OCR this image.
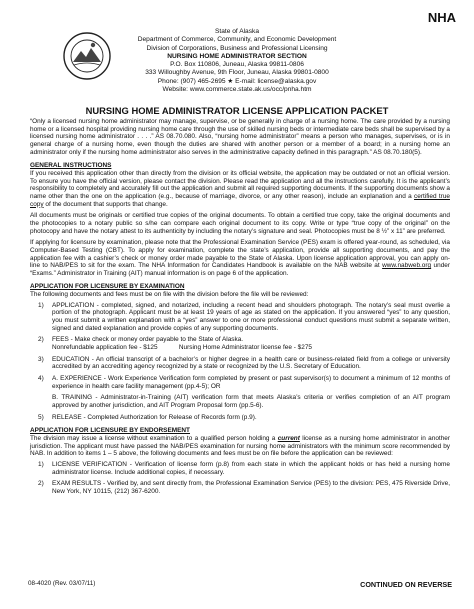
NHA
State of Alaska
Department of Commerce, Community, and Economic Development
Division of Corporations, Business and Professional Licensing
NURSING HOME ADMINISTRATOR SECTION
P.O. Box 110806, Juneau, Alaska 99811-0806
333 Willoughby Avenue, 9th Floor, Juneau, Alaska 99801-0800
Phone: (907) 465-2695 ★ E-mail: license@alaska.gov
Website: www.commerce.state.ak.us/occ/pnha.htm
NURSING HOME ADMINISTRATOR LICENSE APPLICATION PACKET

“Only a licensed nursing home administrator may manage, supervise, or be generally in charge of a nursing home. The care provided by a nursing home or a licensed hospital providing nursing home care through the use of skilled nursing beds or intermediate care beds shall be supervised by a licensed nursing home administrator . . . .” AS 08.70.080. Also, “nursing home administrator” means a person who manages, supervises, or is in general charge of a nursing home, even though the duties are shared with another person or a member of a board; in a nursing home an administrator only if the nursing home administrator also serves in the administrative capacity defined in this paragraph.” AS 08.70.180(5).

GENERAL INSTRUCTIONS

If you received this application other than directly from the division or its official website, the application may be outdated or not an official version. To ensure you have the official version, please contact the division. Please read the application and all the instructions carefully. It is the applicant’s responsibility to completely and accurately fill out the application and submit all required supporting documents. If the supporting documents show a name other than the one on the application (e.g., because of marriage, divorce, or any other reason), include an explanation and a certified true copy of the document that supports that change.

All documents must be originals or certified true copies of the original documents. To obtain a certified true copy, take the original documents and the photocopies to a notary public so s/he can compare each original document to its copy. Write or type “true copy of the original” on the photocopy and have the notary attest to its authenticity by including the notary’s signature and seal. Photocopies must be 8 ½” x 11” are preferred.

If applying for licensure by examination, please note that the Professional Examination Service (PES) exam is offered year-round, as scheduled, via Computer-Based Testing (CBT). To apply for examination, complete the state’s application, provide all supporting documents, and pay the application fee with a cashier’s check or money order made payable to the State of Alaska. Upon license application approval, you can apply on-line to NAB/PES to sit for the exam. The NHA Information for Candidates Handbook is available on the NAB website at www.nabweb.org under “Exams.” Administrator in Training (AIT) manual information is on page 6 of the application.

APPLICATION FOR LICENSURE BY EXAMINATION

The following documents and fees must be on file with the division before the file will be reviewed:

1)	APPLICATION - completed, signed, and notarized, including a recent head and shoulders photograph. The notary’s seal must overlie a portion of the photograph. Applicant must be at least 19 years of age as stated on the application. If you answered “yes” to any question, you must submit a written explanation with a “yes” answer to one or more professional conduct questions must submit a separate written, signed and dated explanation and provide copies of any supporting documents.
2)	FEES - Make check or money order payable to the State of Alaska.
Nonrefundable application fee - $125	Nursing Home Administrator license fee - $275
3)	EDUCATION - An official transcript of a bachelor’s or higher degree in a health care or business-related field from a college or university accredited by an accrediting agency recognized by a state or recognized by the U.S. Secretary of Education.
4)	A. EXPERIENCE - Work Experience Verification form completed by present or past supervisor(s) to document a minimum of 12 months of experience in health care facility management (pp.4-5); OR
B. TRAINING - Administrator-in-Training (AIT) verification form that meets Alaska’s criteria or verifies completion of an AIT program approved by another jurisdiction, and AIT Program Proposal form (pp.5-6).
5)	RELEASE - Completed Authorization for Release of Records form (p.9).
APPLICATION FOR LICENSURE BY ENDORSEMENT

The division may issue a license without examination to a qualified person holding a current license as a nursing home administrator in another jurisdiction. The applicant must have passed the NAB/PES examination for nursing home administrators with the minimum score recommended by NAB. In addition to items 1 – 5 above, the following documents and fees must be on file before the application can be reviewed:

1)	LICENSE VERIFICATION - Verification of license form (p.8) from each state in which the applicant holds or has held a nursing home administrator license. Include additional copies, if necessary.
2)	EXAM RESULTS - Verified by, and sent directly from, the Professional Examination Service (PES) to the division: PES, 475 Riverside Drive, New York, NY 10115, (212) 367-6200.
08-4020 (Rev. 03/07/11)	CONTINUED ON REVERSE
